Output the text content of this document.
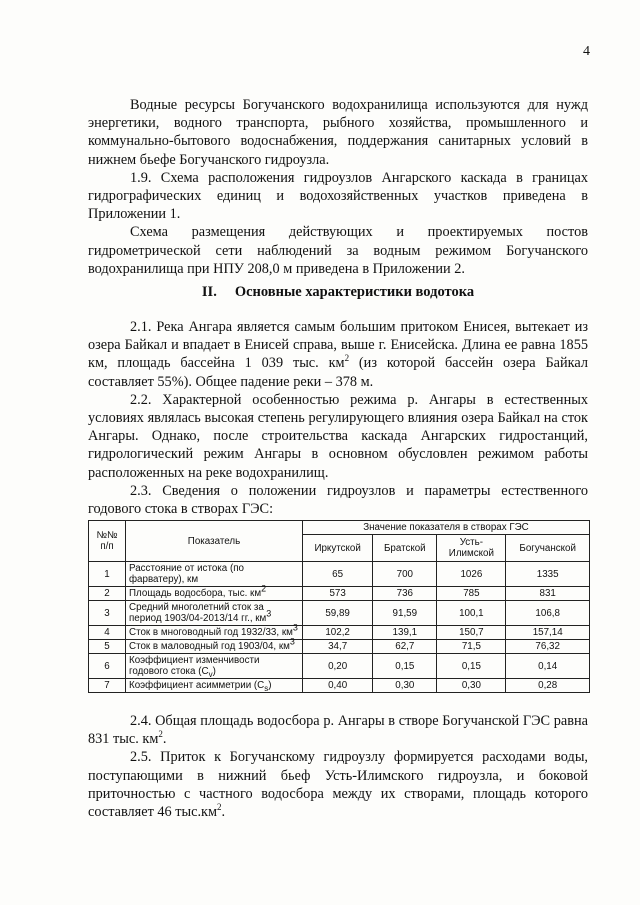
4

Водные ресурсы Богучанского водохранилища используются для нужд энергетики, водного транспорта, рыбного хозяйства, промышленного и коммунально-бытового водоснабжения, поддержания санитарных условий в нижнем бьефе Богучанского гидроузла.

1.9. Схема расположения гидроузлов Ангарского каскада в границах гидрографических единиц и водохозяйственных участков приведена в Приложении 1.

Схема размещения действующих и проектируемых постов гидрометрической сети наблюдений за водным режимом Богучанского водохранилища при НПУ 208,0 м приведена в Приложении 2.

II. Основные характеристики водотока

2.1. Река Ангара является самым большим притоком Енисея, вытекает из озера Байкал и впадает в Енисей справа, выше г. Енисейска. Длина ее равна 1855 км, площадь бассейна 1 039 тыс. $км^2$ (из которой бассейн озера Байкал составляет 55%). Общее падение реки – 378 м.

2.2. Характерной особенностью режима р. Ангары в естественных условиях являлась высокая степень регулирующего влияния озера Байкал на сток Ангары. Однако, после строительства каскада Ангарских гидростанций, гидрологический режим Ангары в основном обусловлен режимом работы расположенных на реке водохранилищ.

2.3. Сведения о положении гидроузлов и параметры естественного годового стока в створах ГЭС:

№№ п/п	Показатель	Значение показателя в створах ГЭС			
		Иркутской	Братской	Усть-Илимской	Богучанской
1	Расстояние от истока (по фарватеру), км	65	700	1026	1335
2	Площадь водосбора, тыс. $км^2$	573	736	785	831
3	Средний многолетний сток за период 1903/04-2013/14 гг., $км^3$	59,89	91,59	100,1	106,8
4	Сток в многоводный год 1932/33, $км^3$	102,2	139,1	150,7	157,14
5	Сток в маловодный год 1903/04, $км^3$	34,7	62,7	71,5	76,32
6	Коэффициент изменчивости годового стока $(C_v)$	0,20	0,15	0,15	0,14
7	Коэффициент асимметрии $(C_s)$	0,40	0,30	0,30	0,28

2.4. Общая площадь водосбора р. Ангары в створе Богучанской ГЭС равна 831 тыс. $км^2$.

2.5. Приток к Богучанскому гидроузлу формируется расходами воды, поступающими в нижний бьеф Усть-Илимского гидроузла, и боковой приточностью с частного водосбора между их створами, площадь которого составляет 46 $тыс.км^2$.
